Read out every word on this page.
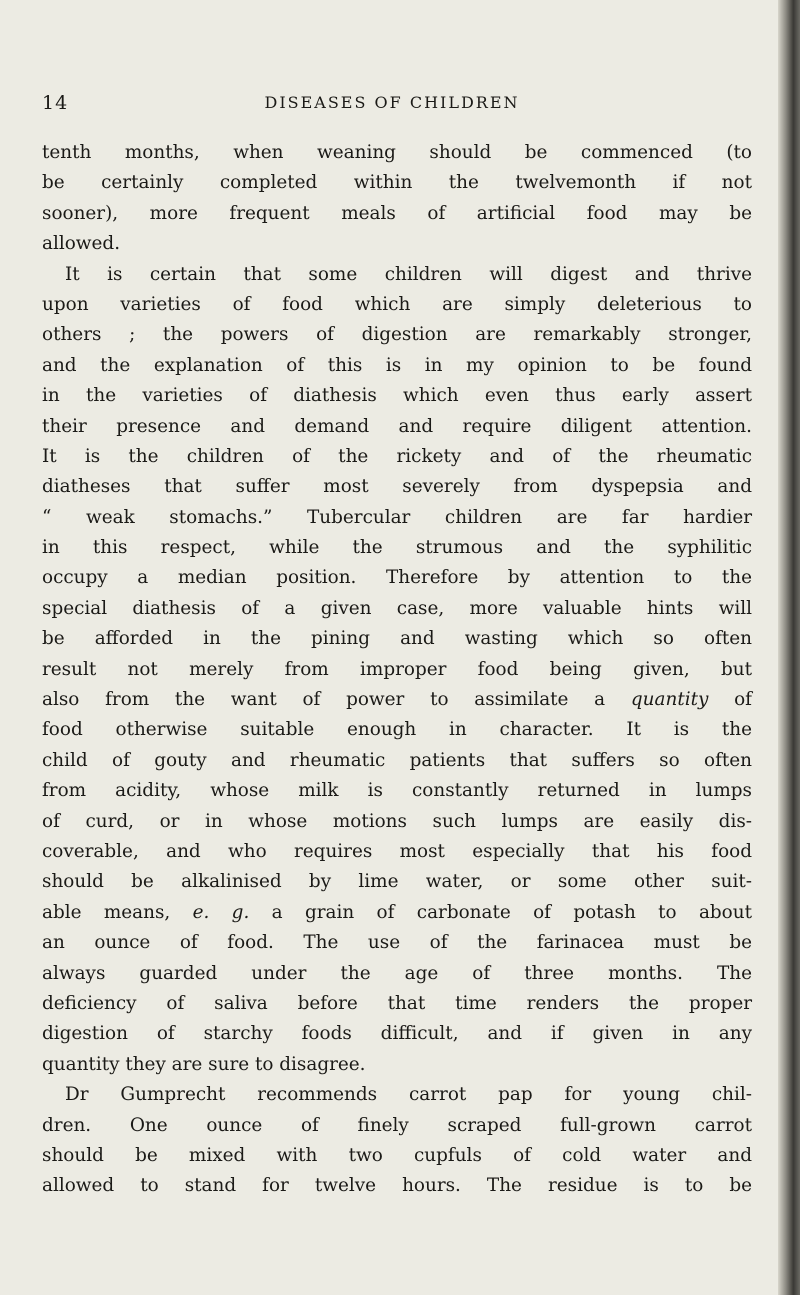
14	DISEASES OF CHILDREN
tenth months, when weaning should be commenced (to
be certainly completed within the twelvemonth if not
sooner), more frequent meals of artificial food may be
allowed.
It is certain that some children will digest and thrive
upon varieties of food which are simply deleterious to
others ; the powers of digestion are remarkably stronger,
and the explanation of this is in my opinion to be found
in the varieties of diathesis which even thus early assert
their presence and demand and require diligent attention.
It is the children of the rickety and of the rheumatic
diatheses that suffer most severely from dyspepsia and
“ weak stomachs.” Tubercular children are far hardier
in this respect, while the strumous and the syphilitic
occupy a median position. Therefore by attention to the
special diathesis of a given case, more valuable hints will
be afforded in the pining and wasting which so often
result not merely from improper food being given, but
also from the want of power to assimilate a quantity of
food otherwise suitable enough in character. It is the
child of gouty and rheumatic patients that suffers so often
from acidity, whose milk is constantly returned in lumps
of curd, or in whose motions such lumps are easily dis-
coverable, and who requires most especially that his food
should be alkalinised by lime water, or some other suit-
able means, e. g. a grain of carbonate of potash to about
an ounce of food. The use of the farinacea must be
always guarded under the age of three months. The
deficiency of saliva before that time renders the proper
digestion of starchy foods difficult, and if given in any
quantity they are sure to disagree.
Dr Gumprecht recommends carrot pap for young chil-
dren. One ounce of finely scraped full-grown carrot
should be mixed with two cupfuls of cold water and
allowed to stand for twelve hours. The residue is to be
